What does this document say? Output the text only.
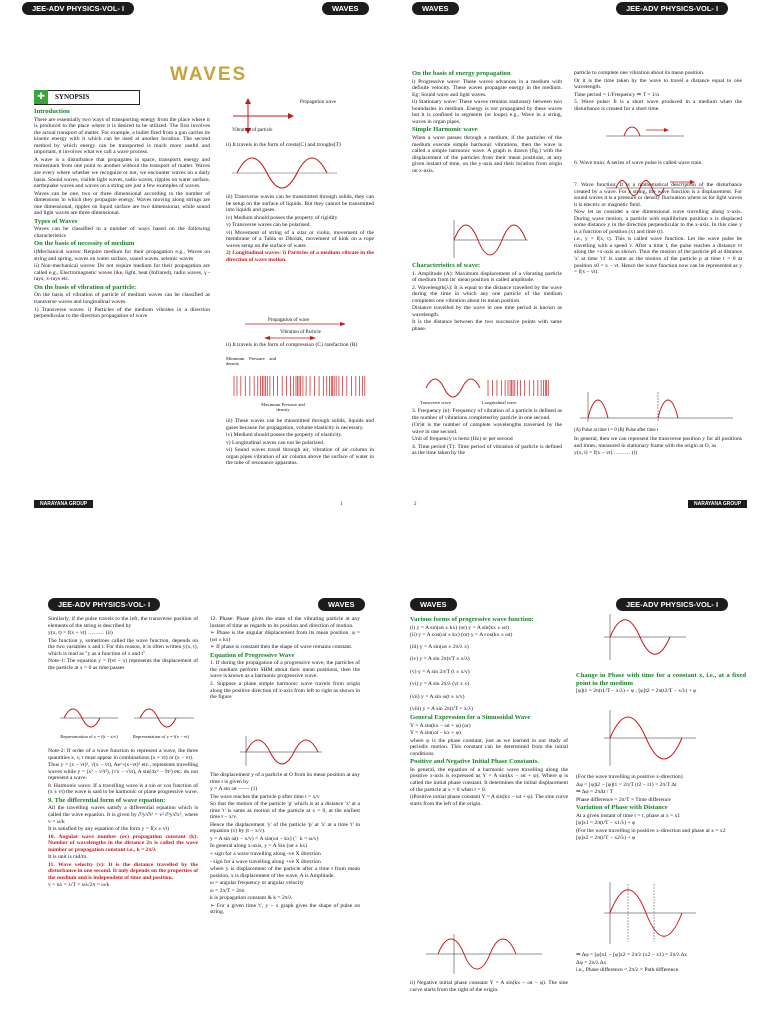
JEE-ADV PHYSICS-VOL- I	WAVES
WAVES
✚	SYNOPSIS

Introduction

There are essentially two ways of transporting energy from the place where it is produced to the place where it is desired to be utilized. The first involves the actual transport of matter. For example, a bullet fired from a gun carries its kinetic energy with it which can be used at another location. The second method by which energy can be transported is much more useful and important, it involves what we call a wave process.

A wave is a disturbance that propagates in space, transports energy and momentum from one point to another without the transport of matter. Waves are every where whether we recognize or not, we encounter waves on a daily basis. Sound waves, visible light waves, radio waves, ripples on water surface, earthquake waves and waves on a string are just a few examples of waves.

Waves can be one, two or three dimensional according to the number of dimensions in which they propagate energy. Waves moving along strings are one dimensional, ripples on liquid surface are two dimensional, while sound and light waves are three dimensional.

Types of Waves

Waves can be classified in a number of ways based on the following characteristics

On the basis of necessity of medium

i)Mechanical waves: Require medium for their propagation e.g., Waves on string and spring, waves on water surface, sound waves, seismic waves

ii) Non-mechanical waves: Do not require medium for their propagation are called e.g., Electromagnetic waves like, light, heat (Infrared), radio waves, γ -rays, x-rays etc.

On the basis of vibration of particle:

On the basis of vibration of particle of medium waves can be classified as transverse waves and longitudinal waves.

1) Transverse waves: i) Particles of the medium vibrates in a direction perpendicular to the direction propagation of wave

Propagation wave
Vibration of particle

ii) It travels in the form of crests(C) and troughs(T)

iii) Transverse waves can be transmitted through solids, they can be setup on the surface of liquids. But they cannot be transmitted into liquids and gases.

iv) Medium should posses the property of rigidity

v) Transverse waves can be polarised.

vi) Movement of string of a sitar or violin, movement of the membrane of a Tabla or Dholak, movement of kink on a rope waves setup on the surface of water.

2) Longitudinal waves: i) Particles of a medium vibrate in the direction of wave motion.

Propagation of wave
Vibration of Particle

ii) It travels in the form of compression (C) rarefaction (R)

Minimum Pressure and density
Maximum Pressure and density

iii) These waves can be transmitted through solids, liquids and gases because for propagation, volume elasticity is necessary.

iv) Medium should posses the property of elasticity.

v) Longitudinal waves can not be polarized.

vi) Sound waves travel through air, vibration of air column in organ pipes vibration of air column above the surface of water in the tube of resonance apparatus.

NARAYANA GROUP	1
WAVES	JEE-ADV PHYSICS-VOL- I

On the basis of energy propagation

i) Progressive wave: These waves advances in a medium with definite velocity. These waves propagate energy in the medium. Eg: Sound wave and light waves.

ii) Stationary wave: These waves remains stationary between two boundaries in medium. Energy is not propagated by these waves but it is confined in segments (or loops) e.g., Wave in a string, waves in organ pipes.

Simple Harmonic wave

When a wave passes through a medium, if the particles of the medium execute simple harmonic vibrations, then the wave is called a simple harmonic wave. A graph is drawn (fig.) with the displacement of the particles from their mean positions, at any given instant of time, on the y-axis and their location from origin on x-axis.

Characteristics of wave:

1. Amplitude (A): Maximum displacement of a vibrating particle of medium from its' mean position is called amplitude.

2. Wavelength(λ): It is equal to the distance travelled by the wave during the time in which any one particle of the medium completes one vibration about its mean position.

Distance travelled by the wave in one time period is known as wavelength.

It is the distance between the two successive points with same phase.

Transverse wave	Longitudinal wave

3. Frequency (n): Frequency of vibration of a particle is defined as the number of vibrations completed by particle in one second.

(Or)it is the number of complete wavelengths traversed by the wave in one second.

Unit of frequency is hertz (Hz) or per second

4. Time period (T): Time period of vibration of particle is defined as the time taken by the

particle to complete one vibration about its mean position.

Or it is the time taken by the wave to travel a distance equal to one wavelength.

Time period = 1/Frequency ⇒ T = 1/n

5. Wave pulse: It is a short wave produced in a medium when the disturbance is created for a short time.

6. Wave train: A series of wave pulse is called wave train.

7. Wave function: It is a mathematical description of the disturbance created by a wave. For a string, the wave function is a displacement. For sound waves it is a pressure or density fluctuation where as for light waves it is electric or magnetic field.

Now let us consider a one dimensional wave travelling along x-axis. During wave motion, a particle with equilibrium position x is displaced some distance y in the direction perpendicular to the x-axis. In this case y is a function of position (x) and time (t).

i.e., y = f(x, t). This is called wave function. Let the wave pulse be travelling with a speed v. After a time t, the pulse reaches a distance vt along the +x-axis as shown. Thus the motion of the particle p0 at distance 'x' at time 't1' is same as the motion of the particle p at time t = 0 at position x0 = x − vt. Hence the wave function now can be represented as y = f(x − vt).

(A) Pulse at time t = 0 (B) Pulse after time t

In general, then we can represent the transverse position y for all positions and times, measured in stationary frame with the origin at O, as

y(x, t) = f(x − vt) ……… (i)

2	NARAYANA GROUP
JEE-ADV PHYSICS-VOL- I	WAVES

Similarly, if the pulse travels to the left, the transverse position of elements of the string is described by

y(x, t) = f(x + vt) ……… (ii)

The function y, sometimes called the wave function, depends on the two variables x and t. For this reason, it is often written y(x, t), which is read as "y as a function of x and t".

Note-1: The equation y = f(vt − x) represents the displacement of the particle at x = 0 as time passes

Representation of y = f(t − x/v)	Representation of y = f(x − vt)

Note-2: If order of a wave function to represent a wave, the three quantities x, v, t must appear in combinations (x + vt) or (x − vt).

Thus y = (x − vt)², √(x − vt), Ae^-(x−vt)² etc., represents travelling waves while y = (x² − v²t²), (√x − √vt), A sin(4x² − 9t²) etc. do not represent a wave.

8. Harmonic wave: If a travelling wave is a sin or cos function of (x ± vt) the wave is said to be harmonic or plane progressive wave.

9. The differential form of wave equation:

All the travelling waves satisfy a differential equation which is called the wave equation. It is given by ∂²y/∂t² = v² ∂²y/∂x², where v = ω/k

It is satisfied by any equation of the form y = f(x ± vt)

10. Angular wave number (or) propagation constant (k): Number of wavelengths in the distance 2π is called the wave number or propagation constant i.e., k = 2π/λ

It is unit is rad/m.

11. Wave velocity (v): It is the distance travelled by the disturbance in one second. It only depends on the properties of the medium and is independent of time and position.

v = nλ = λ/T = ωλ/2π = ω/k

12. Phase: Phase gives the state of the vibrating particle at any instant of time as regards to its position and direction of motion.

➢ Phase is the angular displacement from its mean position. φ = (ωt ± kx)

➢ If phase is constant then the shape of wave remains constant.

Equation of Progressive Wave

1. If during the propagation of a progressive wave, the particles of the medium perform SHM about their mean positions, then the wave is known as a harmonic progressive wave.

2. Suppose a plane simple harmonic wave travels from origin along the positive direction of x-axis from left to right as shown in the figure

The displacement y of a particle at O from its mean position at any time t is given by

y = A sin ωt —— (1)

The wave reaches the particle p after time t = x/v

So that the motion of the particle 'p' which is at a distance 'x' at a time 't' is same as motion of the particle at x = 0, at the earliest time t − x/v.

Hence the displacement 'y' of the particle 'p' at 'x' at a time 't' in equation (1) by (t − x/v).

y = A sin ω(t − x/v) = A sin(ωt − kx) (∵ k = ω/v)

In general along x-axis, y = A Sin (ωt ± kx)

+ sign for a wave travelling along -ve X direction

- sign for a wave travelling along +ve X direction

where y is displacement of the particle after a time t from mean position, x is displacement of the wave, A is Amplitude.

ω = angular frequency or angular velocity

ω = 2π/T = 2πn

k is propagation constant & k = 2π/λ

➢ For a given time 't', y − x graph gives the shape of pulse on string.

WAVES	JEE-ADV PHYSICS-VOL- I

Various forms of progressive wave function:

(i) y = A sin(ωt ± kx) (or) y = A sin(kx ± ωt)

(ii) y = A cos(ωt ± kx) (or) y = A cos(kx ± ωt)

(iii) y = A sin(ωt ± 2π/λ x)

(iv) y = A sin 2π(t/T ± x/λ)

(v) y = A sin 2π/T (t ± x/v)

(vi) y = A sin 2π/λ (vt ± x)

(vii) y = A sin ω(t ± x/v)

(viii) y = A sin 2π(t/T + x/λ)

General Expression for a Simusoidal Wave

Y = A sin(kx − ωt + φ) (or)

Y = A sin(ωt − kx + φ)

where φ is the phase constant, just as we learned in our study of periodic motion. This constant can be determined from the initial conditions.

Positive and Negative Initial Phase Constants.

In general, the equation of a harmonic wave travelling along the positive x-axis is expressed as Y = A sin(kx − ωt + φ). Where φ is called the initial phase constant. It determines the initial displacement of the particle at x = 0 when t = 0.

i)Positive initial phase constant Y = A sin(kx − ωt + φ). The sine curve starts from the left of the origin.

ii) Negative initial phase constant Y = A sin(kx − ωt − φ). The sine curve starts from the right of the origin.

Change in Phase with time for a constant x, i.e., at a fixed point in the medium

[φ]t1 = 2π(t1/T − x/λ) + φ ; [φ]t2 = 2π(t2/T − x/λ) + φ

(For the wave travelling in positive x-direction)

Δφ = [φ]t2 − [φ]t1 = 2π/T (t2 − t1) = 2π/T Δt

⇒ Δφ = 2πΔt / T

Phase difference = 2π/T × Time difference

Variation of Phase with Distance

At a given instant of time t = t, phase at x = x1

[φ]x1 = 2π(t/T − x1/λ) + φ

(For the wave travelling in positive x-direction and phase at x = x2

[φ]x2 = 2π(t/T − x2/λ) + φ

⇒ Δφ = [φ]x1 − [φ]x2 = 2π/λ (x2 − x1) = 2π/λ Δx

Δφ = 2π/λ Δx

i.e., Phase difference = 2π/λ × Path difference
